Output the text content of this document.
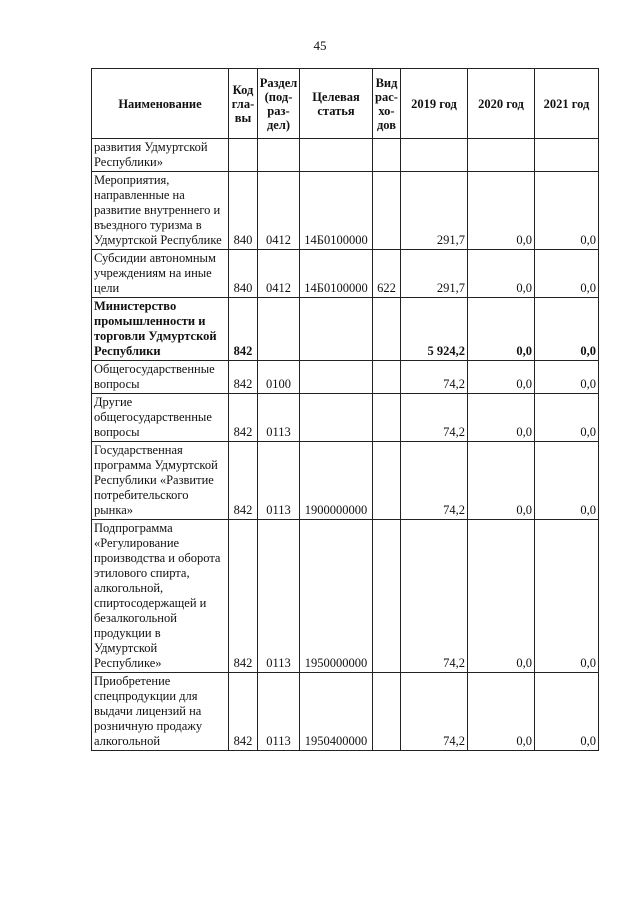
45
Наименование	Код гла- вы	Раздел (под- раз- дел)	Целевая статья	Вид рас- хо- дов	2019 год	2020 год	2021 год
развития Удмуртской Республики»							
Мероприятия, направленные на развитие внутреннего и въездного туризма в Удмуртской Республике	840	0412	14Б0100000		291,7	0,0	0,0
Субсидии автономным учреждениям на иные цели	840	0412	14Б0100000	622	291,7	0,0	0,0
Министерство промышленности и торговли Удмуртской Республики	842				5 924,2	0,0	0,0
Общегосударственные вопросы	842	0100			74,2	0,0	0,0
Другие общегосударственные вопросы	842	0113			74,2	0,0	0,0
Государственная программа Удмуртской Республики «Развитие потребительского рынка»	842	0113	1900000000		74,2	0,0	0,0
Подпрограмма «Регулирование производства и оборота этилового спирта, алкогольной, спиртосодержащей и безалкогольной продукции в Удмуртской Республике»	842	0113	1950000000		74,2	0,0	0,0
Приобретение спецпродукции для выдачи лицензий на розничную продажу алкогольной	842	0113	1950400000		74,2	0,0	0,0
